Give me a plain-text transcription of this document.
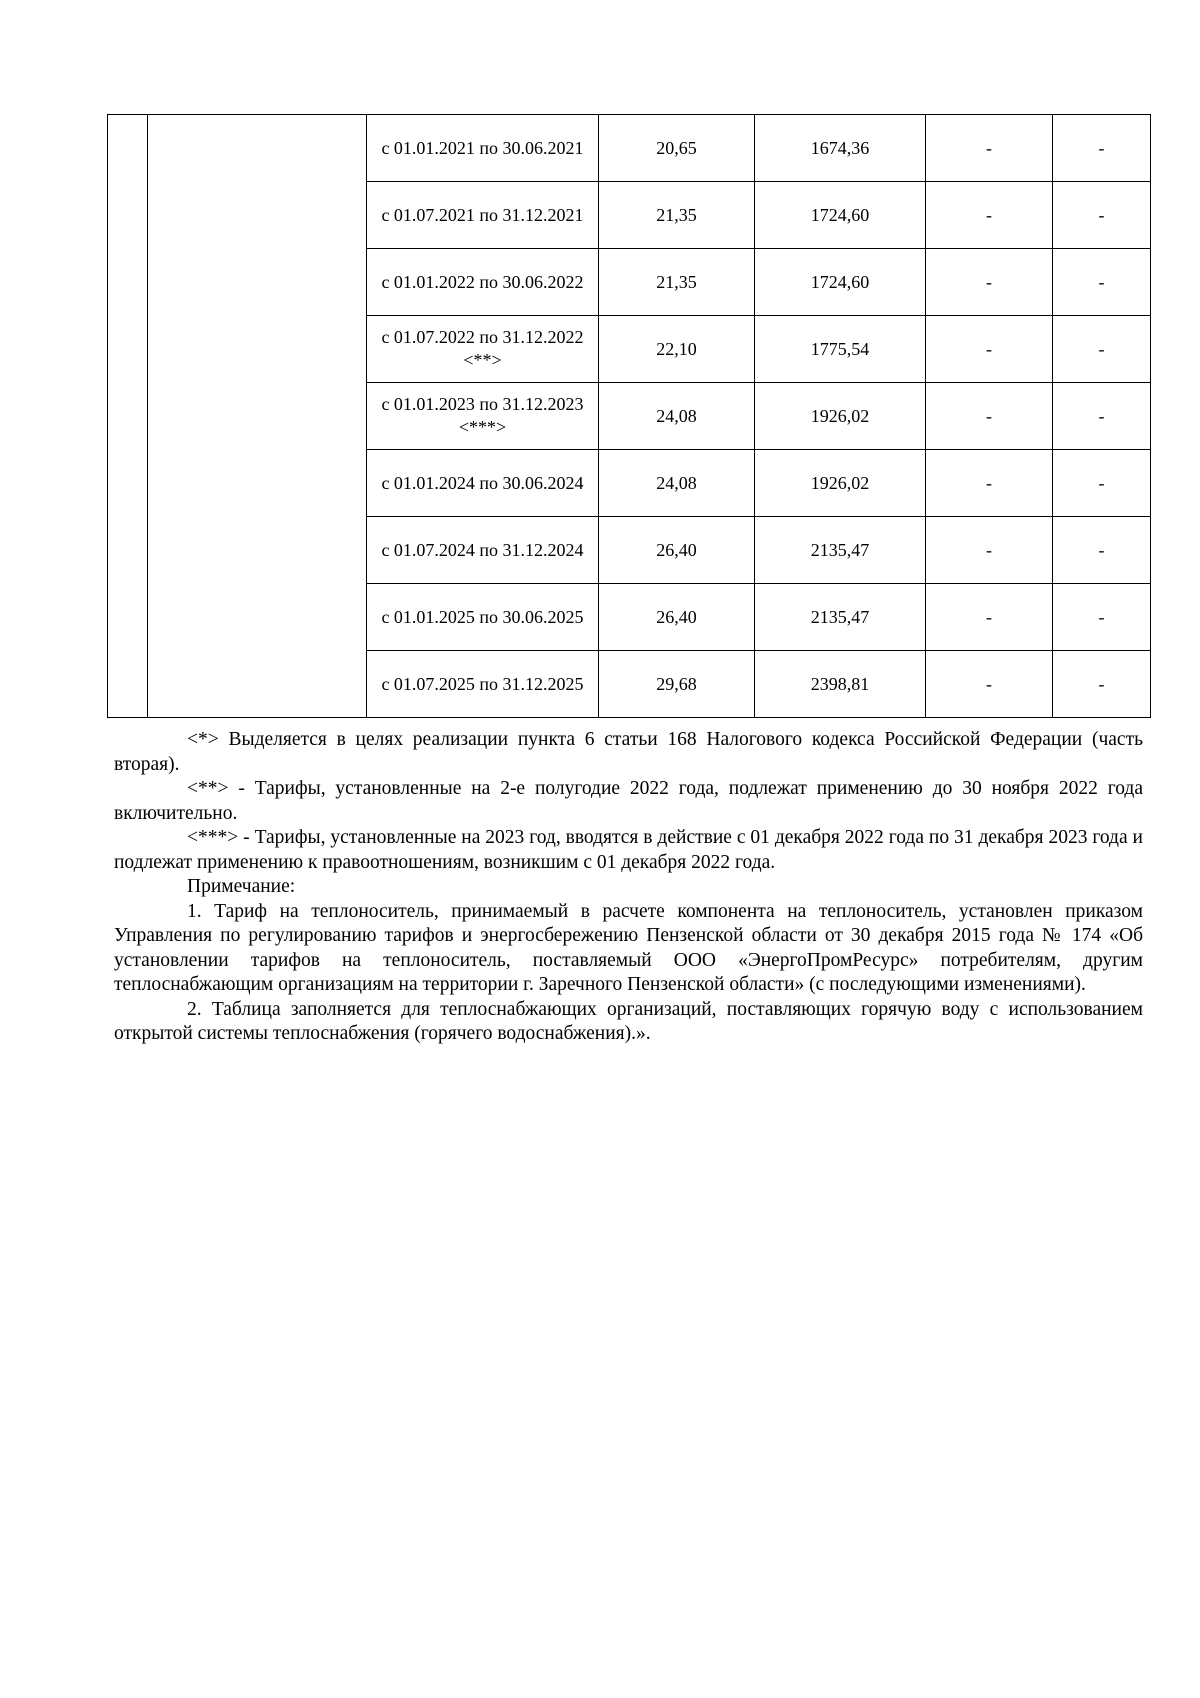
		с 01.01.2021 по 30.06.2021	20,65	1674,36	-	-
		с 01.07.2021 по 31.12.2021	21,35	1724,60	-	-
		с 01.01.2022 по 30.06.2022	21,35	1724,60	-	-
		с 01.07.2022 по 31.12.2022 <**>	22,10	1775,54	-	-
		с 01.01.2023 по 31.12.2023 <***>	24,08	1926,02	-	-
		с 01.01.2024 по 30.06.2024	24,08	1926,02	-	-
		с 01.07.2024 по 31.12.2024	26,40	2135,47	-	-
		с 01.01.2025 по 30.06.2025	26,40	2135,47	-	-
		с 01.07.2025 по 31.12.2025	29,68	2398,81	-	-

<*> Выделяется в целях реализации пункта 6 статьи 168 Налогового кодекса Российской Федерации (часть вторая).

<**> - Тарифы, установленные на 2-е полугодие 2022 года, подлежат применению до 30 ноября 2022 года включительно.

<***> - Тарифы, установленные на 2023 год, вводятся в действие с 01 декабря 2022 года по 31 декабря 2023 года и подлежат применению к правоотношениям, возникшим с 01 декабря 2022 года.

Примечание:

1. Тариф на теплоноситель, принимаемый в расчете компонента на теплоноситель, установлен приказом Управления по регулированию тарифов и энергосбережению Пензенской области от 30 декабря 2015 года № 174 «Об установлении тарифов на теплоноситель, поставляемый ООО «ЭнергоПромРесурс» потребителям, другим теплоснабжающим организациям на территории г. Заречного Пензенской области» (с последующими изменениями).

2. Таблица заполняется для теплоснабжающих организаций, поставляющих горячую воду с использованием открытой системы теплоснабжения (горячего водоснабжения).».
